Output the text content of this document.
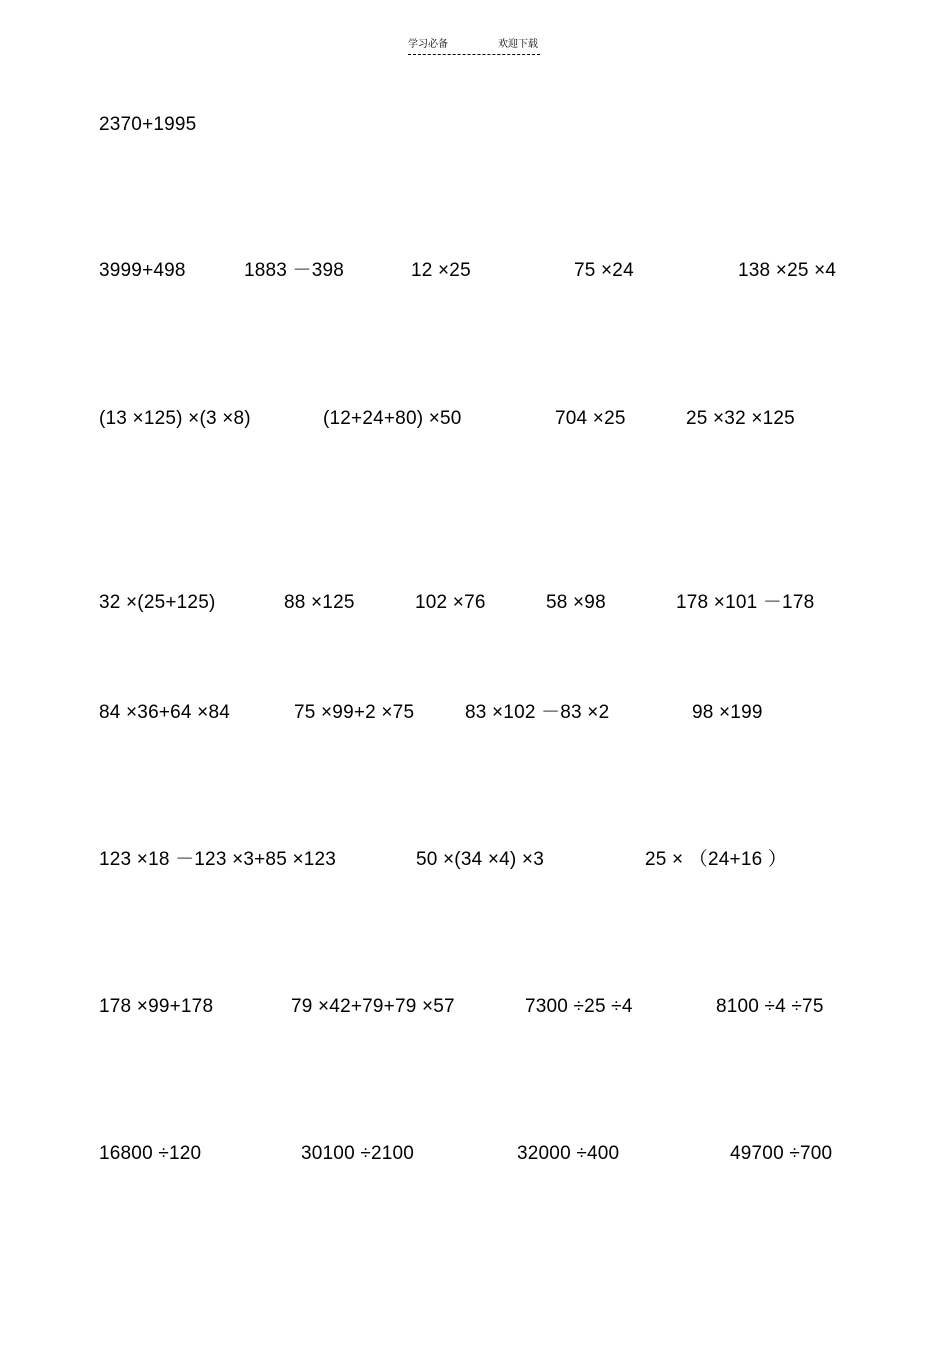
学习必备	欢迎下载
2370+1995
3999+498	1883 －398	12 ×25	75 ×24	138 ×25 ×4
(13 ×125) ×(3 ×8)	(12+24+80) ×50	704 ×25	25 ×32 ×125
32 ×(25+125)	88 ×125	102 ×76	58 ×98	178 ×101 －178
84 ×36+64 ×84	75 ×99+2 ×75	83 ×102 －83 ×2	98 ×199
123 ×18 －123 ×3+85 ×123	50 ×(34 ×4) ×3	25 × （24+16 ）
178 ×99+178	79 ×42+79+79 ×57	7300 ÷25 ÷4	8100 ÷4 ÷75
16800 ÷120	30100 ÷2100	32000 ÷400	49700 ÷700
